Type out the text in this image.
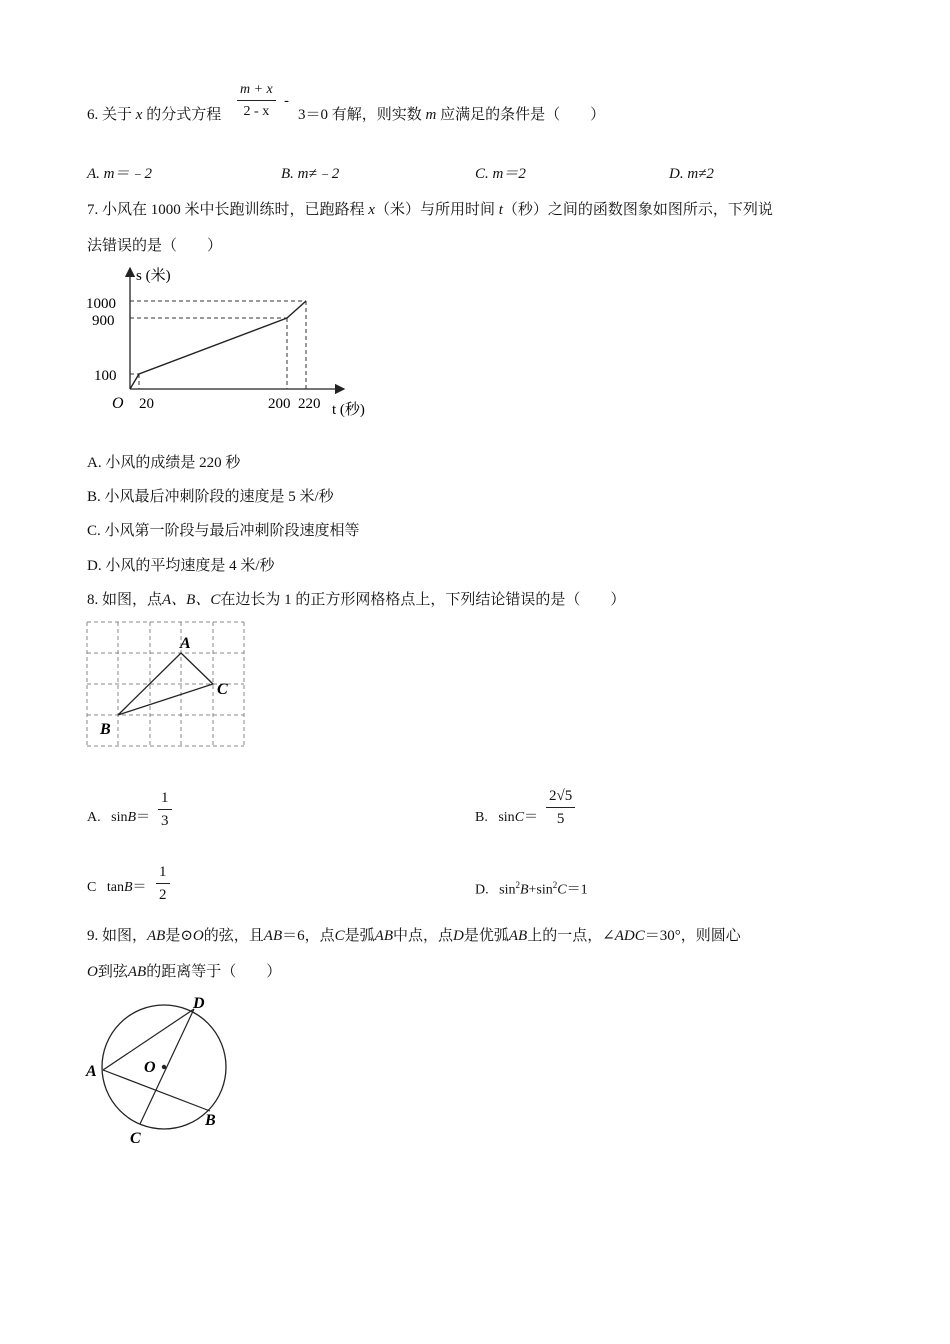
6. 关于 x 的分式方程 $\frac{m + x}{2 - x}$ -
3＝0 有解，则实数 m 应满足的条件是（　　）
A. m＝﹣2	B. m≠﹣2	C. m＝2	D. m≠2
7. 小风在 1000 米中长跑训练时，已跑路程 x（米）与所用时间 t（秒）之间的函数图象如图所示，下列说
法错误的是（　　）
s (米)
t (秒)
O
1000
900
100
20	200 220
A. 小风的成绩是 220 秒
B. 小风最后冲刺阶段的速度是 5 米/秒
C. 小风第一阶段与最后冲刺阶段速度相等
D. 小风的平均速度是 4 米/秒
8. 如图，点A、B、C在边长为 1 的正方形网格格点上，下列结论错误的是（　　）
A
B
C
A. $\sin B= \frac{1}{3}$	B. $\sin C= \frac{2√5}{5}$
C $\tan B= \frac{1}{2}$	D. $\sin^2B+\sin^2C=1$
9. 如图，AB是⊙O的弦，且AB＝6，点C是弧AB中点，点D是优弧AB上的一点，∠ADC＝30°，则圆心
O到弦AB的距离等于（　　）
A
B
C
D
O
